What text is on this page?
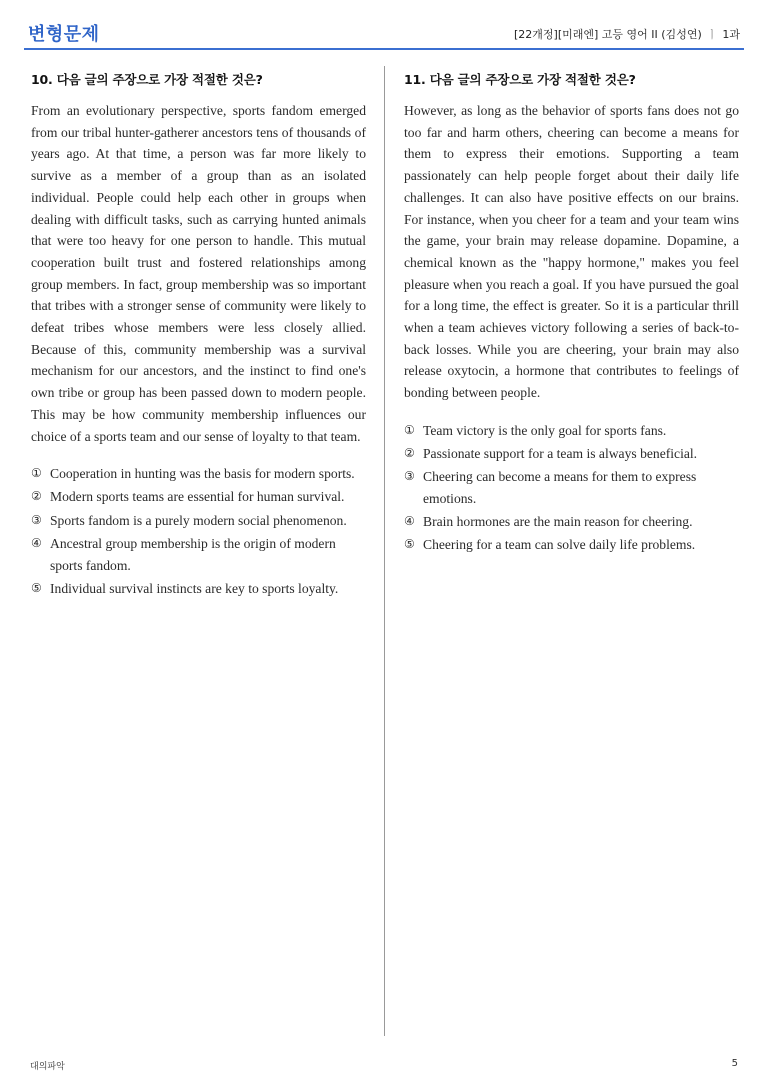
변형문제	[22개정][미래엔] 고등 영어 II (김성연) ㅣ 1과
10. 다음 글의 주장으로 가장 적절한 것은?
From an evolutionary perspective, sports fandom emerged from our tribal hunter-gatherer ancestors tens of thousands of years ago. At that time, a person was far more likely to survive as a member of a group than as an isolated individual. People could help each other in groups when dealing with difficult tasks, such as carrying hunted animals that were too heavy for one person to handle. This mutual cooperation built trust and fostered relationships among group members. In fact, group membership was so important that tribes with a stronger sense of community were likely to defeat tribes whose members were less closely allied. Because of this, community membership was a survival mechanism for our ancestors, and the instinct to find one's own tribe or group has been passed down to modern people. This may be how community membership influences our choice of a sports team and our sense of loyalty to that team.
① Cooperation in hunting was the basis for modern sports.
② Modern sports teams are essential for human survival.
③ Sports fandom is a purely modern social phenomenon.
④ Ancestral group membership is the origin of modern sports fandom.
⑤ Individual survival instincts are key to sports loyalty.
11. 다음 글의 주장으로 가장 적절한 것은?
However, as long as the behavior of sports fans does not go too far and harm others, cheering can become a means for them to express their emotions. Supporting a team passionately can help people forget about their daily life challenges. It can also have positive effects on our brains. For instance, when you cheer for a team and your team wins the game, your brain may release dopamine. Dopamine, a chemical known as the "happy hormone," makes you feel pleasure when you reach a goal. If you have pursued the goal for a long time, the effect is greater. So it is a particular thrill when a team achieves victory following a series of back-to-back losses. While you are cheering, your brain may also release oxytocin, a hormone that contributes to feelings of bonding between people.
① Team victory is the only goal for sports fans.
② Passionate support for a team is always beneficial.
③ Cheering can become a means for them to express emotions.
④ Brain hormones are the main reason for cheering.
⑤ Cheering for a team can solve daily life problems.
대의파악	5
